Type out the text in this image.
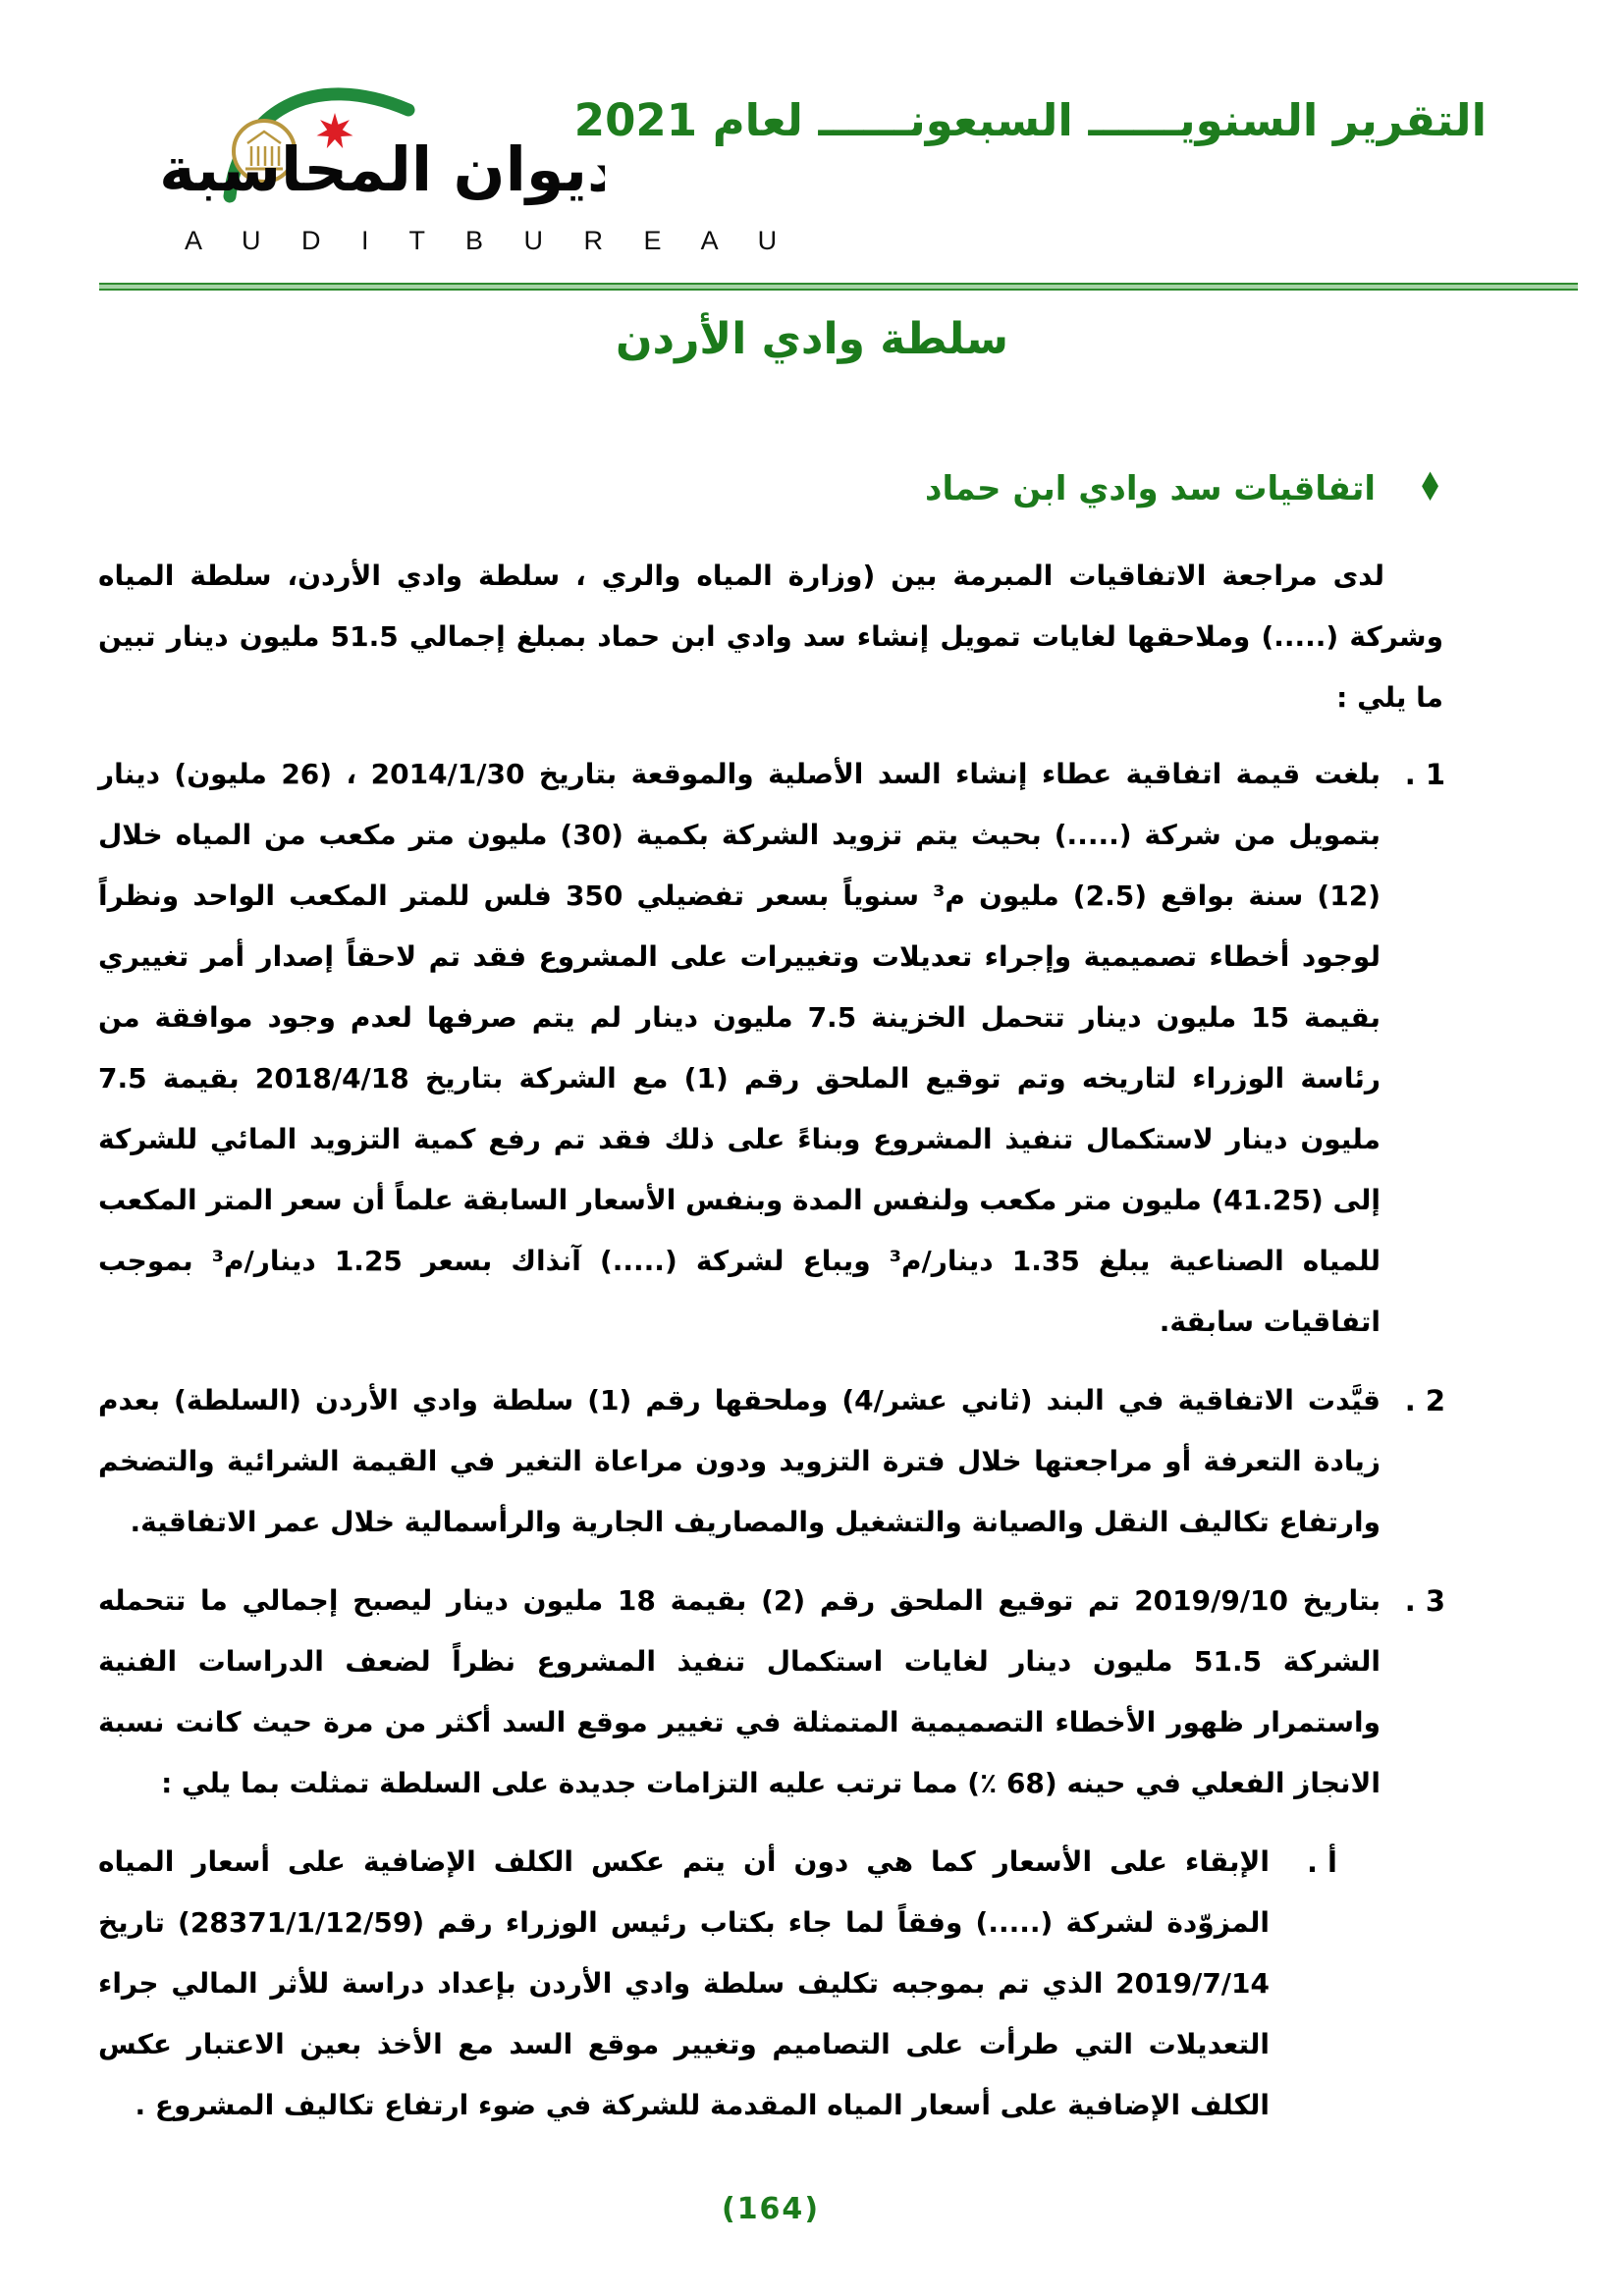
ديوان المحاسبة
A U D I T B U R E A U
التقرير السنويــــــ السبعونــــــ لعام 2021
سلطة وادي الأردن
♦
اتفاقيات سد وادي ابن حماد

لدى مراجعة الاتفاقيات المبرمة بين (وزارة المياه والري ، سلطة وادي الأردن، سلطة المياه وشركة (.....) وملاحقها لغايات تمويل إنشاء سد وادي ابن حماد بمبلغ إجمالي 51.5 مليون دينار تبين ما يلي :

1 .
بلغت قيمة اتفاقية عطاء إنشاء السد الأصلية والموقعة بتاريخ 2014/1/30 ، (26 مليون) دينار بتمويل من شركة (.....) بحيث يتم تزويد الشركة بكمية (30) مليون متر مكعب من المياه خلال (12) سنة بواقع (2.5) مليون م³ سنوياً بسعر تفضيلي 350 فلس للمتر المكعب الواحد ونظراً لوجود أخطاء تصميمية وإجراء تعديلات وتغييرات على المشروع فقد تم لاحقاً إصدار أمر تغييري بقيمة 15 مليون دينار تتحمل الخزينة 7.5 مليون دينار لم يتم صرفها لعدم وجود موافقة من رئاسة الوزراء لتاريخه وتم توقيع الملحق رقم (1) مع الشركة بتاريخ 2018/4/18 بقيمة 7.5 مليون دينار لاستكمال تنفيذ المشروع وبناءً على ذلك فقد تم رفع كمية التزويد المائي للشركة إلى (41.25) مليون متر مكعب ولنفس المدة وبنفس الأسعار السابقة علماً أن سعر المتر المكعب للمياه الصناعية يبلغ 1.35 دينار/م³ ويباع لشركة (.....) آنذاك بسعر 1.25 دينار/م³ بموجب اتفاقيات سابقة.
2 .
قيَّدت الاتفاقية في البند (ثاني عشر/4) وملحقها رقم (1) سلطة وادي الأردن (السلطة) بعدم زيادة التعرفة أو مراجعتها خلال فترة التزويد ودون مراعاة التغير في القيمة الشرائية والتضخم وارتفاع تكاليف النقل والصيانة والتشغيل والمصاريف الجارية والرأسمالية خلال عمر الاتفاقية.
3 .
بتاريخ 2019/9/10 تم توقيع الملحق رقم (2) بقيمة 18 مليون دينار ليصبح إجمالي ما تتحمله الشركة 51.5 مليون دينار لغايات استكمال تنفيذ المشروع نظراً لضعف الدراسات الفنية واستمرار ظهور الأخطاء التصميمية المتمثلة في تغيير موقع السد أكثر من مرة حيث كانت نسبة الانجاز الفعلي في حينه (68 ٪) مما ترتب عليه التزامات جديدة على السلطة تمثلت بما يلي :
أ .
الإبقاء على الأسعار كما هي دون أن يتم عكس الكلف الإضافية على أسعار المياه المزوّدة لشركة (.....) وفقاً لما جاء بكتاب رئيس الوزراء رقم (28371/1/12/59) تاريخ 2019/7/14 الذي تم بموجبه تكليف سلطة وادي الأردن بإعداد دراسة للأثر المالي جراء التعديلات التي طرأت على التصاميم وتغيير موقع السد مع الأخذ بعين الاعتبار عكس الكلف الإضافية على أسعار المياه المقدمة للشركة في ضوء ارتفاع تكاليف المشروع .
(164)
